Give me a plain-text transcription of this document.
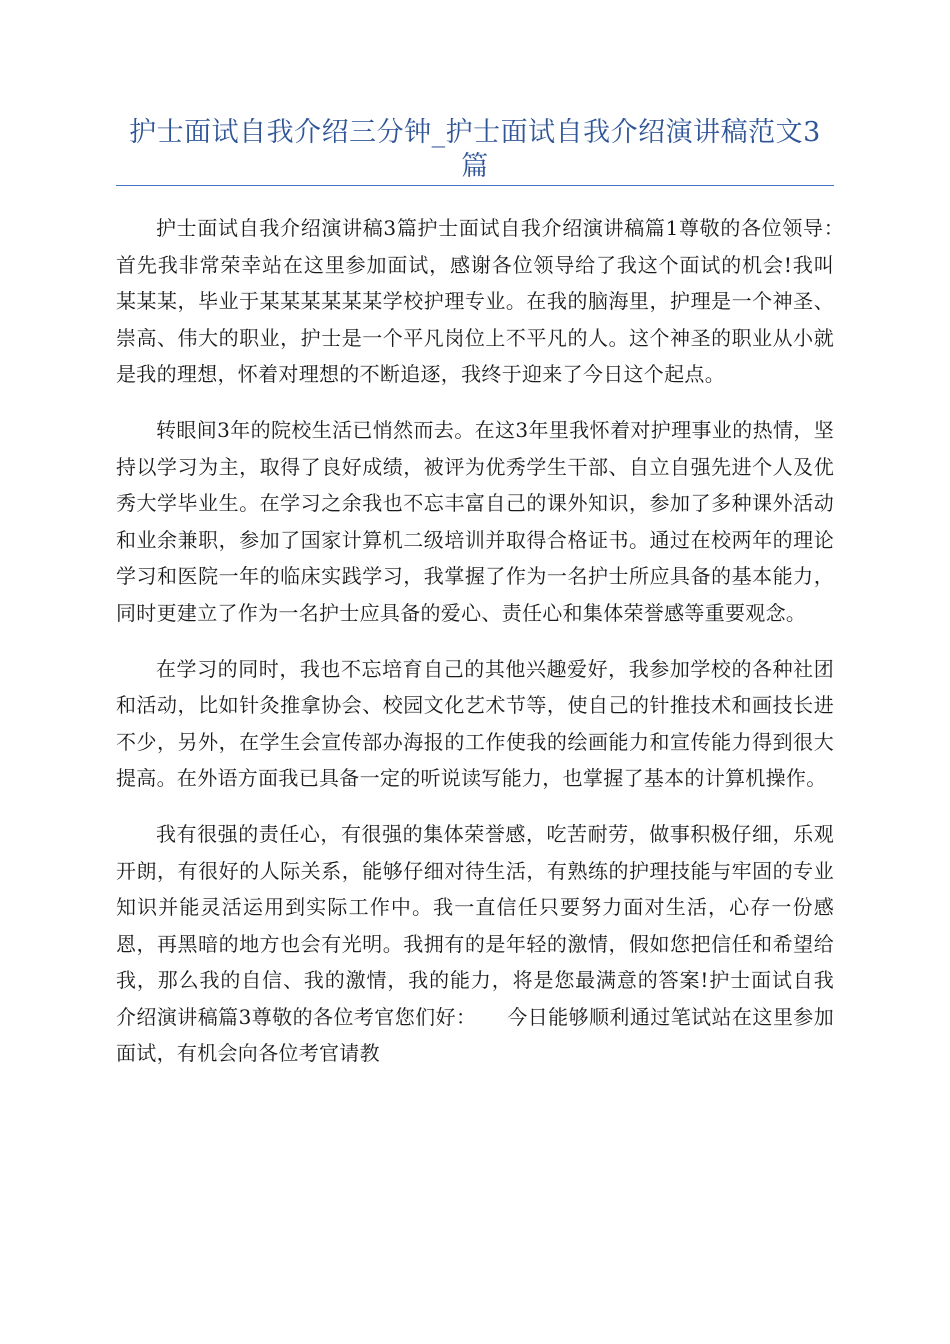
护士面试自我介绍三分钟_护士面试自我介绍演讲稿范文3篇

护士面试自我介绍演讲稿3篇护士面试自我介绍演讲稿篇1尊敬的各位领导：　　首先我非常荣幸站在这里参加面试，感谢各位领导给了我这个面试的机会!我叫某某某，毕业于某某某某某某学校护理专业。在我的脑海里，护理是一个神圣、崇高、伟大的职业，护士是一个平凡岗位上不平凡的人。这个神圣的职业从小就是我的理想，怀着对理想的不断追逐，我终于迎来了今日这个起点。

转眼间3年的院校生活已悄然而去。在这3年里我怀着对护理事业的热情，坚持以学习为主，取得了良好成绩，被评为优秀学生干部、自立自强先进个人及优秀大学毕业生。在学习之余我也不忘丰富自己的课外知识，参加了多种课外活动和业余兼职，参加了国家计算机二级培训并取得合格证书。通过在校两年的理论学习和医院一年的临床实践学习，我掌握了作为一名护士所应具备的基本能力，同时更建立了作为一名护士应具备的爱心、责任心和集体荣誉感等重要观念。

在学习的同时，我也不忘培育自己的其他兴趣爱好，我参加学校的各种社团和活动，比如针灸推拿协会、校园文化艺术节等，使自己的针推技术和画技长进不少，另外，在学生会宣传部办海报的工作使我的绘画能力和宣传能力得到很大提高。在外语方面我已具备一定的听说读写能力，也掌握了基本的计算机操作。

我有很强的责任心，有很强的集体荣誉感，吃苦耐劳，做事积极仔细，乐观开朗，有很好的人际关系，能够仔细对待生活，有熟练的护理技能与牢固的专业知识并能灵活运用到实际工作中。我一直信任只要努力面对生活，心存一份感恩，再黑暗的地方也会有光明。我拥有的是年轻的激情，假如您把信任和希望给我，那么我的自信、我的激情，我的能力，将是您最满意的答案!护士面试自我介绍演讲稿篇3尊敬的各位考官您们好：　　今日能够顺利通过笔试站在这里参加面试，有机会向各位考官请教
